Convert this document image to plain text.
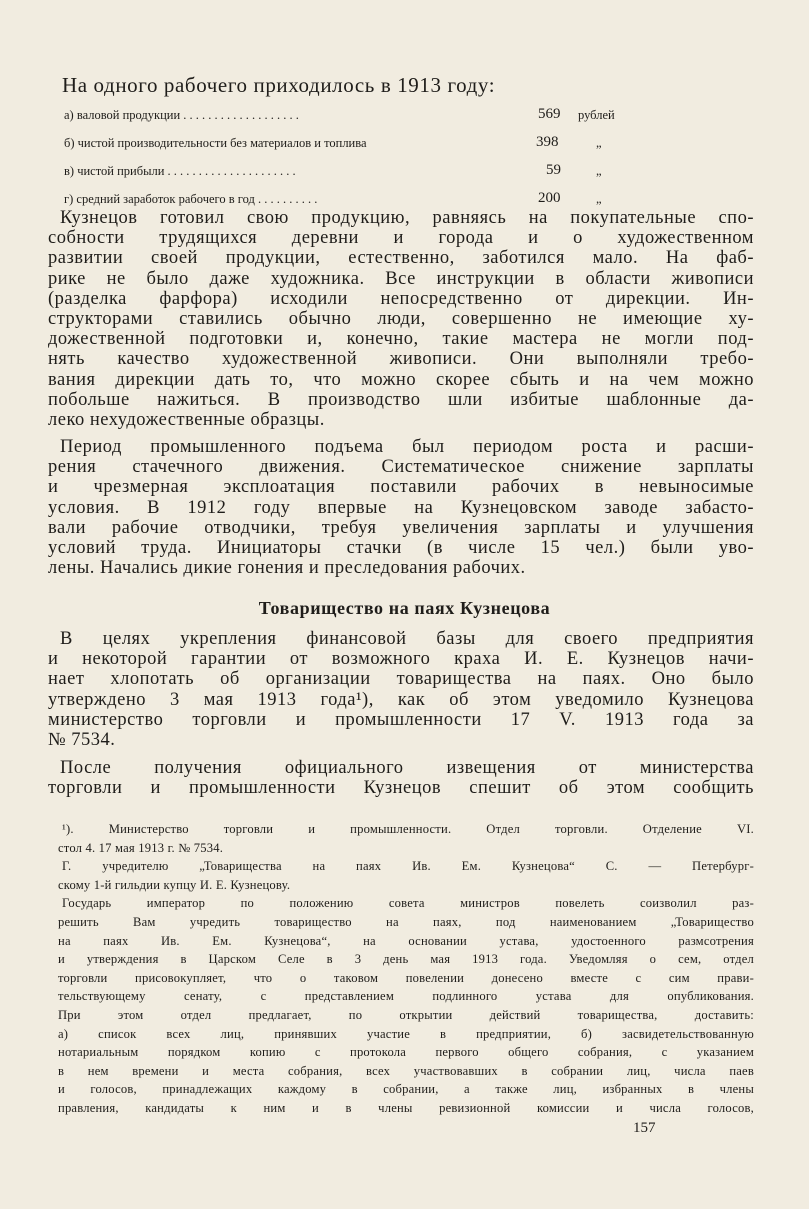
На одного рабочего приходилось в 1913 году:
а) валовой продукции . . . . . . . . . . . . . . . . . . .	569 рублей
б) чистой производительности без материалов и топлива	398	„
в) чистой прибыли . . . . . . . . . . . . . . . . . . . . .	59	„
г) средний заработок рабочего в год . . . . . . . . . .	200	„
Кузнецов готовил свою продукцию, равняясь на покупательные спо-
собности трудящихся деревни и города и о художественном
развитии своей продукции, естественно, заботился мало. На фаб-
рике не было даже художника. Все инструкции в области живописи
(разделка фарфора) исходили непосредственно от дирекции. Ин-
структорами ставились обычно люди, совершенно не имеющие ху-
дожественной подготовки и, конечно, такие мастера не могли под-
нять качество художественной живописи. Они выполняли требо-
вания дирекции дать то, что можно скорее сбыть и на чем можно
побольше нажиться. В производство шли избитые шаблонные да-
леко нехудожественные образцы.
Период промышленного подъема был периодом роста и расши-
рения стачечного движения. Систематическое снижение зарплаты
и чрезмерная эксплоатация поставили рабочих в невыносимые
условия. В 1912 году впервые на Кузнецовском заводе забасто-
вали рабочие отводчики, требуя увеличения зарплаты и улучшения
условий труда. Инициаторы стачки (в числе 15 чел.) были уво-
лены. Начались дикие гонения и преследования рабочих.
Товарищество на паях Кузнецова
В целях укрепления финансовой базы для своего предприятия
и некоторой гарантии от возможного краха И. Е. Кузнецов начи-
нает хлопотать об организации товарищества на паях. Оно было
утверждено 3 мая 1913 года¹), как об этом уведомило Кузнецова
министерство торговли и промышленности 17 V. 1913 года за
№ 7534.
После получения официального извещения от министерства
торговли и промышленности Кузнецов спешит об этом сообщить
¹). Министерство торговли и промышленности. Отдел торговли. Отделение VI.
стол 4. 17 мая 1913 г. № 7534.
Г. учредителю „Товарищества на паях Ив. Ем. Кузнецова“ С. — Петербург-
скому 1-й гильдии купцу И. Е. Кузнецову.
Государь император по положению совета министров повелеть соизволил раз-
решить Вам учредить товарищество на паях, под наименованием „Товарищество
на паях Ив. Ем. Кузнецова“, на основании устава, удостоенного размсотрения
и утверждения в Царском Селе в 3 день мая 1913 года. Уведомляя о сем, отдел
торговли присовокупляет, что о таковом повелении донесено вместе с сим прави-
тельствующему сенату, с представлением подлинного устава для опубликования.
При этом отдел предлагает, по открытии действий товарищества, доставить:
а) список всех лиц, принявших участие в предприятии, б) засвидетельствованную
нотариальным порядком копию с протокола первого общего собрания, с указанием
в нем времени и места собрания, всех участвовавших в собрании лиц, числа паев
и голосов, принадлежащих каждому в собрании, а также лиц, избранных в члены
правления, кандидаты к ним и в члены ревизионной комиссии и числа голосов,
157
